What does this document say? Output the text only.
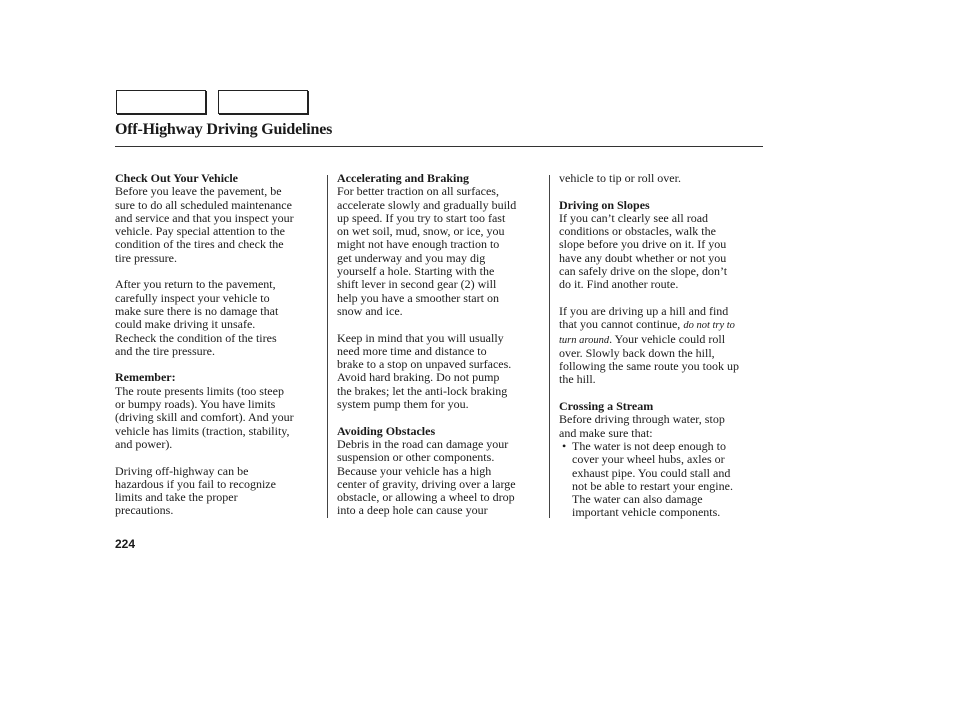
Off-Highway Driving Guidelines
Check Out Your Vehicle
Before you leave the pavement, be
sure to do all scheduled maintenance
and service and that you inspect your
vehicle. Pay special attention to the
condition of the tires and check the
tire pressure.

After you return to the pavement,
carefully inspect your vehicle to
make sure there is no damage that
could make driving it unsafe.
Recheck the condition of the tires
and the tire pressure.

Remember:
The route presents limits (too steep
or bumpy roads). You have limits
(driving skill and comfort). And your
vehicle has limits (traction, stability,
and power).

Driving off-highway can be
hazardous if you fail to recognize
limits and take the proper
precautions.
Accelerating and Braking
For better traction on all surfaces,
accelerate slowly and gradually build
up speed. If you try to start too fast
on wet soil, mud, snow, or ice, you
might not have enough traction to
get underway and you may dig
yourself a hole. Starting with the
shift lever in second gear (2) will
help you have a smoother start on
snow and ice.

Keep in mind that you will usually
need more time and distance to
brake to a stop on unpaved surfaces.
Avoid hard braking. Do not pump
the brakes; let the anti-lock braking
system pump them for you.

Avoiding Obstacles
Debris in the road can damage your
suspension or other components.
Because your vehicle has a high
center of gravity, driving over a large
obstacle, or allowing a wheel to drop
into a deep hole can cause your
vehicle to tip or roll over.

Driving on Slopes
If you can’t clearly see all road
conditions or obstacles, walk the
slope before you drive on it. If you
have any doubt whether or not you
can safely drive on the slope, don’t
do it. Find another route.

If you are driving up a hill and find
that you cannot continue, do not try to
turn around. Your vehicle could roll
over. Slowly back down the hill,
following the same route you took up
the hill.

Crossing a Stream
Before driving through water, stop
and make sure that:

• The water is not deep enough to
cover your wheel hubs, axles or
exhaust pipe. You could stall and
not be able to restart your engine.
The water can also damage
important vehicle components.
224
